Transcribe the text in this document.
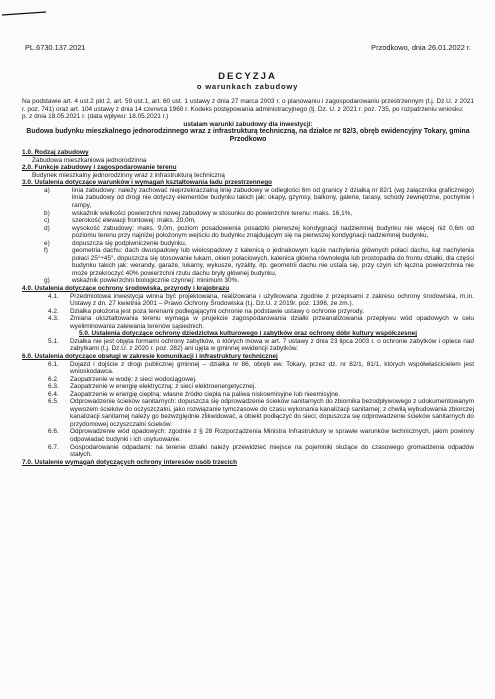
PL.6730.137.2021	Przodkowo, dnia 26.01.2022 r.
DECYZJA
o warunkach zabudowy

Na podstawie art. 4 ust.2 pkt 2, art. 59 ust.1, art. 60 ust. 1 ustawy z dnia 27 marca 2003 r. o planowaniu i zagospodarowaniu przestrzennym (t.j. Dz.U. z 2021 r. poz. 741) oraz art. 104 ustawy z dnia 14 czerwca 1960 r. Kodeks postępowania administracyjnego (tj. Dz. U. z 2021 r. poz. 735, po rozpatrzeniu wniosku:

p. z dnia 18.05.2021 r. (data wpływu: 18.05.2021 r.)

ustalam warunki zabudowy dla inwestycji:

Budowa budynku mieszkalnego jednorodzinnego wraz z infrastrukturą techniczną, na działce nr 82/3, obręb ewidencyjny Tokary, gmina Przodkowo

1.0. Rodzaj zabudowy

Zabudowa mieszkaniowa jednorodzinna

2.0. Funkcje zabudowy i zagospodarowanie terenu

Budynek mieszkalny jednorodzinny wraz z infrastrukturą techniczną

3.0. Ustalenia dotyczące warunków i wymagań kształtowania ładu przestrzennego

a)	linia zabudowy: należy zachować nieprzekraczalną linię zabudowy w odległości 6m od granicy z działką nr 82/1 (wg załącznika graficznego) linia zabudowy od drogi nie dotyczy elementów budynku takich jak: okapy, gzymsy, balkony, galerie, tarasy, schody zewnętrzne, pochylnie i rampy,
b)	wskaźnik wielkości powierzchni nowej zabudowy w stosunku do powierzchni terenu: maks. 16,1%,
c)	szerokość elewacji frontowej: maks. 20,0m,
d)	wysokość zabudowy: maks. 9,0m, poziom posadowienia posadzki pierwszej kondygnacji nadziemnej budynku nie więcej niż 0,6m od poziomu terenu przy najniżej położonym wejściu do budynku znajdującym się na pierwszej kondygnacji nadziemnej budynku,
e)	dopuszcza się podpiwniczenie budynku,
f)	geometria dachu: dach dwuspadowy lub wielospadowy z kalenicą o jednakowym kącie nachylenia głównych połaci dachu, kąt nachylenia połaci 25°÷45°, dopuszcza się stosowanie lukarn, okien połaciowych, kalenica główna równoległa lub prostopadła do frontu działki, dla części budynku takich jak: werandy, garaże, lukarny, wykusze, ryzality, itp. geometrii dachu nie ustala się, przy czym ich łączna powierzchnia nie może przekroczyć 40% powierzchni rzutu dachu bryły głównej budynku,
g)	wskaźnik powierzchni biologicznie czynnej: minimum 30%.

4.0. Ustalenia dotyczące ochrony środowiska, przyrody i krajobrazu

4.1.	Przedmiotowa inwestycja winna być projektowana, realizowana i użytkowana zgodnie z przepisami z zakresu ochrony środowiska, m.in. Ustawy z dn. 27 kwietnia 2001 – Prawo Ochrony Środowiska (t.j. Dz.U. z 2019r. poz. 1396, ze zm.).
4.2.	Działka położona jest poza terenami podlegającymi ochronie na podstawie ustawy o ochronie przyrody.
4.3.	Zmiana ukształtowania terenu wymaga w projekcie zagospodarowania działki przeanalizowania przepływu wód opadowych w celu wyeliminowania zalewania terenów sąsiednich.

5.0. Ustalenia dotyczące ochrony dziedzictwa kulturowego i zabytków oraz ochrony dóbr kultury współczesnej

5.1.	Działka nie jest objęta formami ochrony zabytków, o których mowa w art. 7 ustawy z dnia 23 lipca 2003 r. o ochronie zabytków i opiece nad zabytkami (t.j. Dz.U. z 2020 r. poz. 282) ani ujęta w gminnej ewidencji zabytków.

6.0. Ustalenia dotyczące obsługi w zakresie komunikacji i infrastruktury technicznej

6.1.	Dojazd i dojście z drogi publicznej gminnej – działka nr 86, obręb ew. Tokary, przez dz. nr 82/1, 81/1, których współwłaścicielem jest wnioskodawca.
6.2.	Zaopatrzenie w wodę: z sieci wodociągowej.
6.3.	Zaopatrzenie w energię elektryczną: z sieci elektroenergetycznej.
6.4.	Zaopatrzenie w energię cieplną: własne źródło ciepła na paliwa niskoemisyjne lub nieemisyjne.
6.5.	Odprowadzenie ścieków sanitarnych: dopuszcza się odprowadzenie ścieków sanitarnych do zbiornika bezodpływowego z udokumentowanym wywozem ścieków do oczyszczalni, jako rozwiązanie tymczasowe do czasu wykonania kanalizacji sanitarnej; z chwilą wybudowania zbiorczej kanalizacji sanitarnej należy go bezwzględnie zlikwidować, a obiekt podłączyć do sieci; dopuszcza się odprowadzenie ścieków sanitarnych do przydomowej oczyszczalni ścieków.
6.6.	Odprowadzenie wód opadowych: zgodnie z § 28 Rozporządzenia Ministra Infrastruktury w sprawie warunków technicznych, jakim powinny odpowiadać budynki i ich usytuowanie.
6.7.	Gospodarowanie odpadami: na terenie działki należy przewidzieć miejsce na pojemniki służące do czasowego gromadzenia odpadów stałych.

7.0. Ustalenie wymagań dotyczących ochrony interesów osób trzecich
